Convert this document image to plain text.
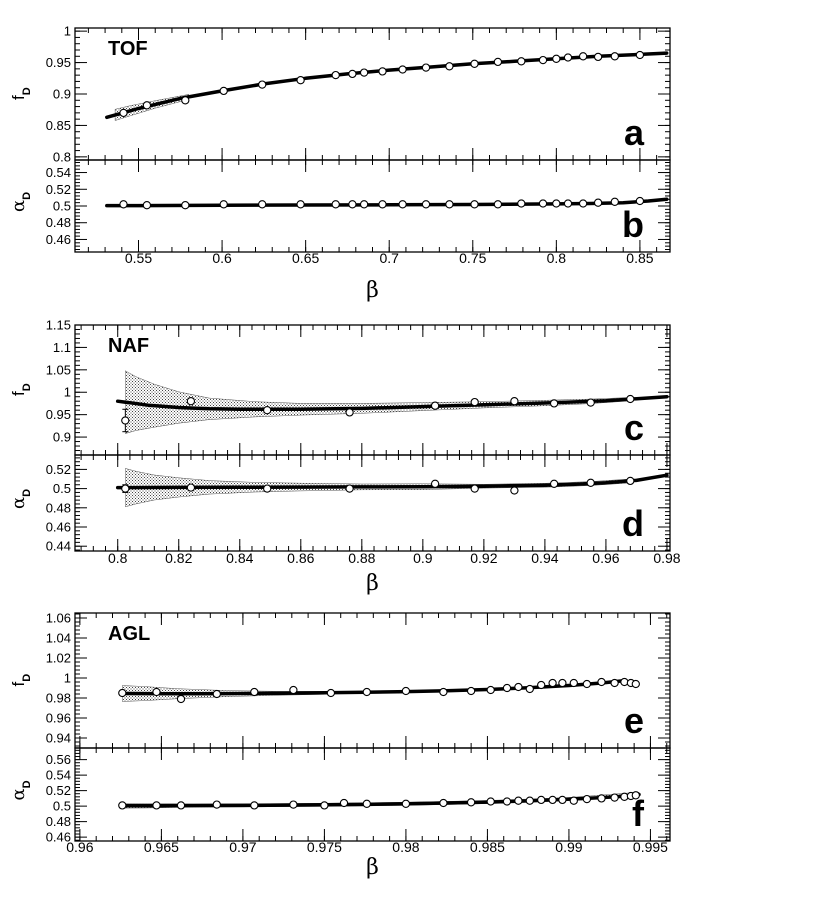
0.8
0.85
0.9
0.95
1
$f_D$
a
TOF
0.46
0.48
0.5
0.52
0.54
$\alpha_D$
b
0.55	0.6	0.65	0.7	0.75	0.8	0.85
β
0.9
0.95
1
1.05
1.1
1.15
$f_D$
c
NAF
0.44
0.46
0.48
0.5
0.52
$\alpha_D$
d
0.8	0.82 0.84 0.86 0.88	0.9	0.92 0.94 0.96 0.98
β
0.94
0.96
0.98
1
1.02
1.04
1.06
$f_D$
e
AGL
0.46
0.48
0.5
0.52
0.54
0.56
$\alpha_D$
f
0.96	0.965	0.97	0.975	0.98	0.985	0.99	0.995
β
